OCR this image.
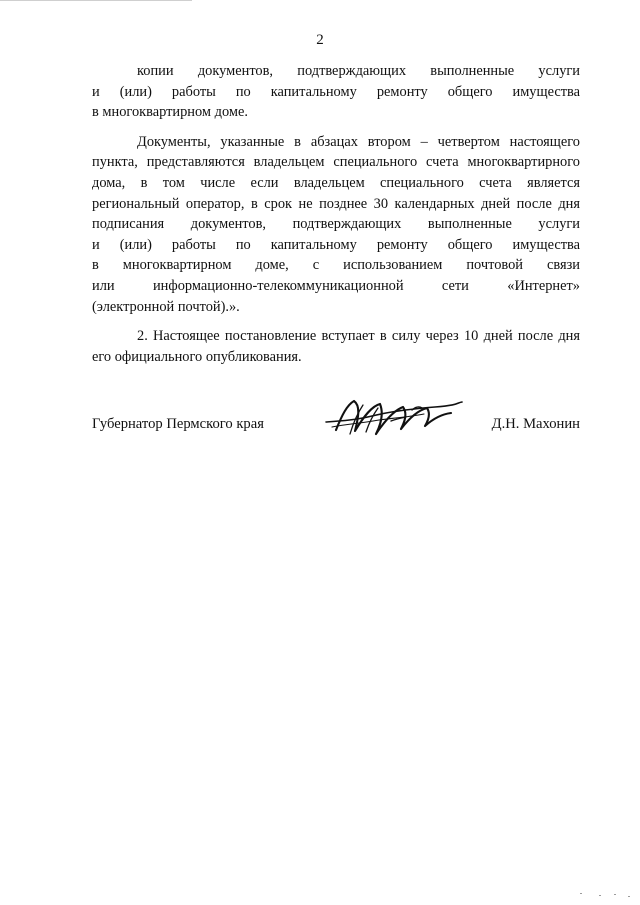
2
копии документов, подтверждающих выполненные услуги
и (или) работы по капитальному ремонту общего имущества
в многоквартирном доме.
Документы, указанные в абзацах втором – четвертом настоящего
пункта, представляются владельцем специального счета многоквартирного
дома, в том числе если владельцем специального счета является
региональный оператор, в срок не позднее 30 календарных дней после дня
подписания документов, подтверждающих выполненные услуги
и (или) работы по капитальному ремонту общего имущества
в многоквартирном доме, с использованием почтовой связи
или информационно-телекоммуникационной сети «Интернет»
(электронной почтой).».
2. Настоящее постановление вступает в силу через 10 дней после дня
его официального опубликования.
Губернатор Пермского края	Д.Н. Махонин
